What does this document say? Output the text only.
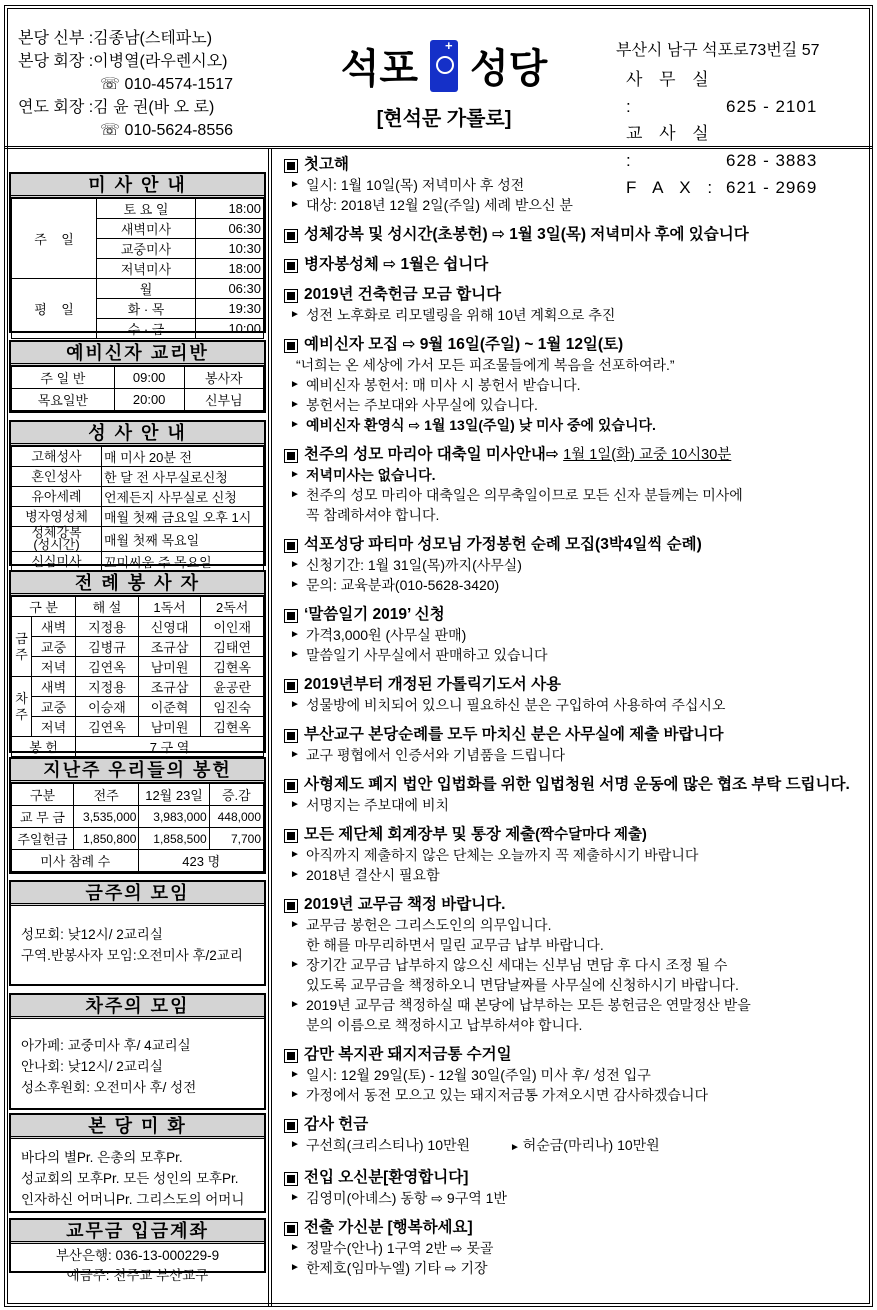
본당 신부 :김종남(스테파노)
본당 회장 :이병열(라우렌시오)
☏ 010-4574-1517
연도 회장 :김 윤 권(바 오 로)
☏ 010-5624-8556
석포 + 성당
[현석문 가롤로]
부산시 남구 석포로73번길 57
사 무 실 :	625 - 2101
교 사 실 :	628 - 3883
F A X : 621 - 2969
미 사 안 내
주    일	토 요 일	18:00
	새벽미사	06:30
	교중미사	10:30
	저녁미사	18:00
평    일	월	06:30
	화 · 목	19:30
	수 · 금	10:00
예비신자 교리반
주 일 반	09:00	봉사자
목요일반	20:00	신부님
성 사 안 내
고해성사	매 미사 20분 전
혼인성사	한 달 전 사무실로신청
유아세례	언제든지 사무실로 신청
병자영성체	매월 첫째 금요일 오후 1시
성체강복
(성시간)	매월 첫째 목요일
신심미사	꼬미씨움 주 목요일
전 례 봉 사 자
구 분		해 설	1독서	2독서
금
주	새벽	지정용	신영대	이인재
	교중	김병규	조규삼	김태연
	저녁	김연옥	남미원	김현옥
차
주	새벽	지정용	조규삼	윤공란
	교중	이승재	이준혁	임진숙
	저녁	김연옥	남미원	김현옥
봉 헌		7 구 역		
지난주 우리들의 봉헌
구분	전주	12월 23일	증.감
교 무 금	3,535,000	3,983,000	448,000
주일헌금	1,850,800	1,858,500	7,700
미사 참례 수		423 명	
금주의 모임
성모회: 낮12시/ 2교리실
구역.반봉사자 모임:오전미사 후/2교리
차주의 모임
아가페: 교중미사 후/ 4교리실
안나회: 낮12시/ 2교리실
성소후원회: 오전미사 후/ 성전
본 당 미 화
바다의 별Pr. 은총의 모후Pr.
성교회의 모후Pr. 모든 성인의 모후Pr.
인자하신 어머니Pr. 그리스도의 어머니
교무금 입금계좌
부산은행: 036-13-000229-9
예금주: 천주교 부산교구
첫고해
► 일시: 1월 10일(목) 저녁미사 후 성전
► 대상: 2018년 12월 2일(주일) 세례 받으신 분
성체강복 및 성시간(초봉헌) ⇨ 1월 3일(목) 저녁미사 후에 있습니다
병자봉성체 ⇨ 1월은 쉽니다
2019년 건축헌금 모금 합니다
► 성전 노후화로 리모델링을 위해 10년 계획으로 추진
예비신자 모집 ⇨ 9월 16일(주일) ~ 1월 12일(토)
“너희는 온 세상에 가서 모든 피조물들에게 복음을 선포하여라.”
► 예비신자 봉헌서: 매 미사 시 봉헌서 받습니다.
► 봉헌서는 주보대와 사무실에 있습니다.
► 예비신자 환영식 ⇨ 1월 13일(주일) 낮 미사 중에 있습니다.
천주의 성모 마리아 대축일 미사안내⇨ 1월 1일(화) 교중 10시30분
► 저녁미사는 없습니다.
► 천주의 성모 마리아 대축일은 의무축일이므로 모든 신자 분들께는 미사에
꼭 참례하셔야 합니다.
석포성당 파티마 성모님 가정봉헌 순례 모집(3박4일씩 순례)
► 신청기간: 1월 31일(목)까지(사무실)
► 문의: 교육분과(010-5628-3420)
‘말씀일기 2019’ 신청
► 가격3,000원 (사무실 판매)
► 말씀일기 사무실에서 판매하고 있습니다
2019년부터 개정된 가톨릭기도서 사용
► 성물방에 비치되어 있으니 필요하신 분은 구입하여 사용하여 주십시오
부산교구 본당순례를 모두 마치신 분은 사무실에 제출 바랍니다
► 교구 평협에서 인증서와 기념품을 드립니다
사형제도 폐지 법안 입법화를 위한 입법청원 서명 운동에 많은 협조 부탁 드립니다.
► 서명지는 주보대에 비치
모든 제단체 회계장부 및 통장 제출(짝수달마다 제출)
► 아직까지 제출하지 않은 단체는 오늘까지 꼭 제출하시기 바랍니다
► 2018년 결산시 필요함
2019년 교무금 책정 바랍니다.
► 교무금 봉헌은 그리스도인의 의무입니다.
한 해를 마무리하면서 밀린 교무금 납부 바랍니다.
► 장기간 교무금 납부하지 않으신 세대는 신부님 면담 후 다시 조정 될 수
있도록 교무금을 책정하오니 면담날짜를 사무실에 신청하시기 바랍니다.
► 2019년 교무금 책정하실 때 본당에 납부하는 모든 봉헌금은 연말정산 받을
분의 이름으로 책정하시고 납부하셔야 합니다.
감만 복지관 돼지저금통 수거일
► 일시: 12월 29일(토) - 12월 30일(주일) 미사 후/ 성전 입구
► 가정에서 동전 모으고 있는 돼지저금통 가져오시면 감사하겠습니다
감사 헌금
► 구선희(크리스티나) 10만원	► 허순금(마리나) 10만원
전입 오신분[환영합니다]
► 김영미(아녜스) 동항 ⇨ 9구역 1반
전출 가신분 [행복하세요]
► 정말수(안나) 1구역 2반 ⇨ 못골
► 한제호(임마누엘) 기타 ⇨ 기장
